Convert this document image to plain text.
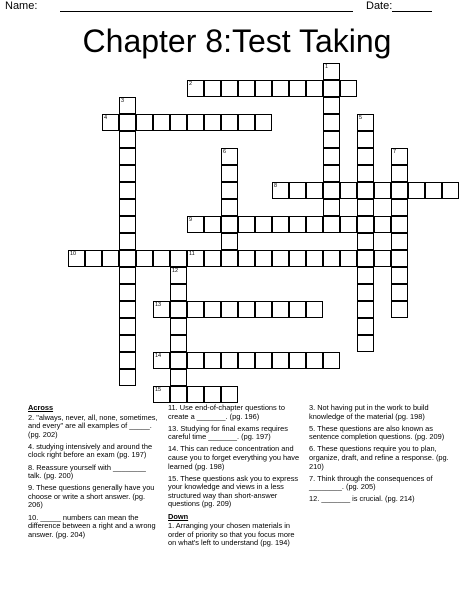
Name:	Date:
Chapter 8:Test Taking
1
2
3
4	5
6	7
8
9
10	11
12
13
14
15
Across
2. "always, never, all, none, sometimes, and every" are all examples of _____. (pg. 202)
4. studying intensively and around the clock right before an exam (pg. 197)
8. Reassure yourself with ________ talk. (pg. 200)
9. These questions generally have you choose or write a short answer. (pg. 206)
10. _____ numbers can mean the difference between a right and a wrong answer. (pg. 204)
11. Use end-of-chapter questions to create a _______. (pg. 196)
13. Studying for final exams requires careful time _______. (pg. 197)
14. This can reduce concentration and cause you to forget everything you have learned (pg. 198)
15. These questions ask you to express your knowledge and views in a less structured way than short-answer questions (pg. 209)
Down
1. Arranging your chosen materials in order of priority so that you focus more on what's left to understand (pg. 194)
3. Not having put in the work to build knowledge of the material (pg. 198)
5. These questions are also known as sentence completion questions. (pg. 209)
6. These questions require you to plan, organize, draft, and refine a response. (pg. 210)
7. Think through the consequences of ________. (pg. 205)
12. _______ is crucial. (pg. 214)
